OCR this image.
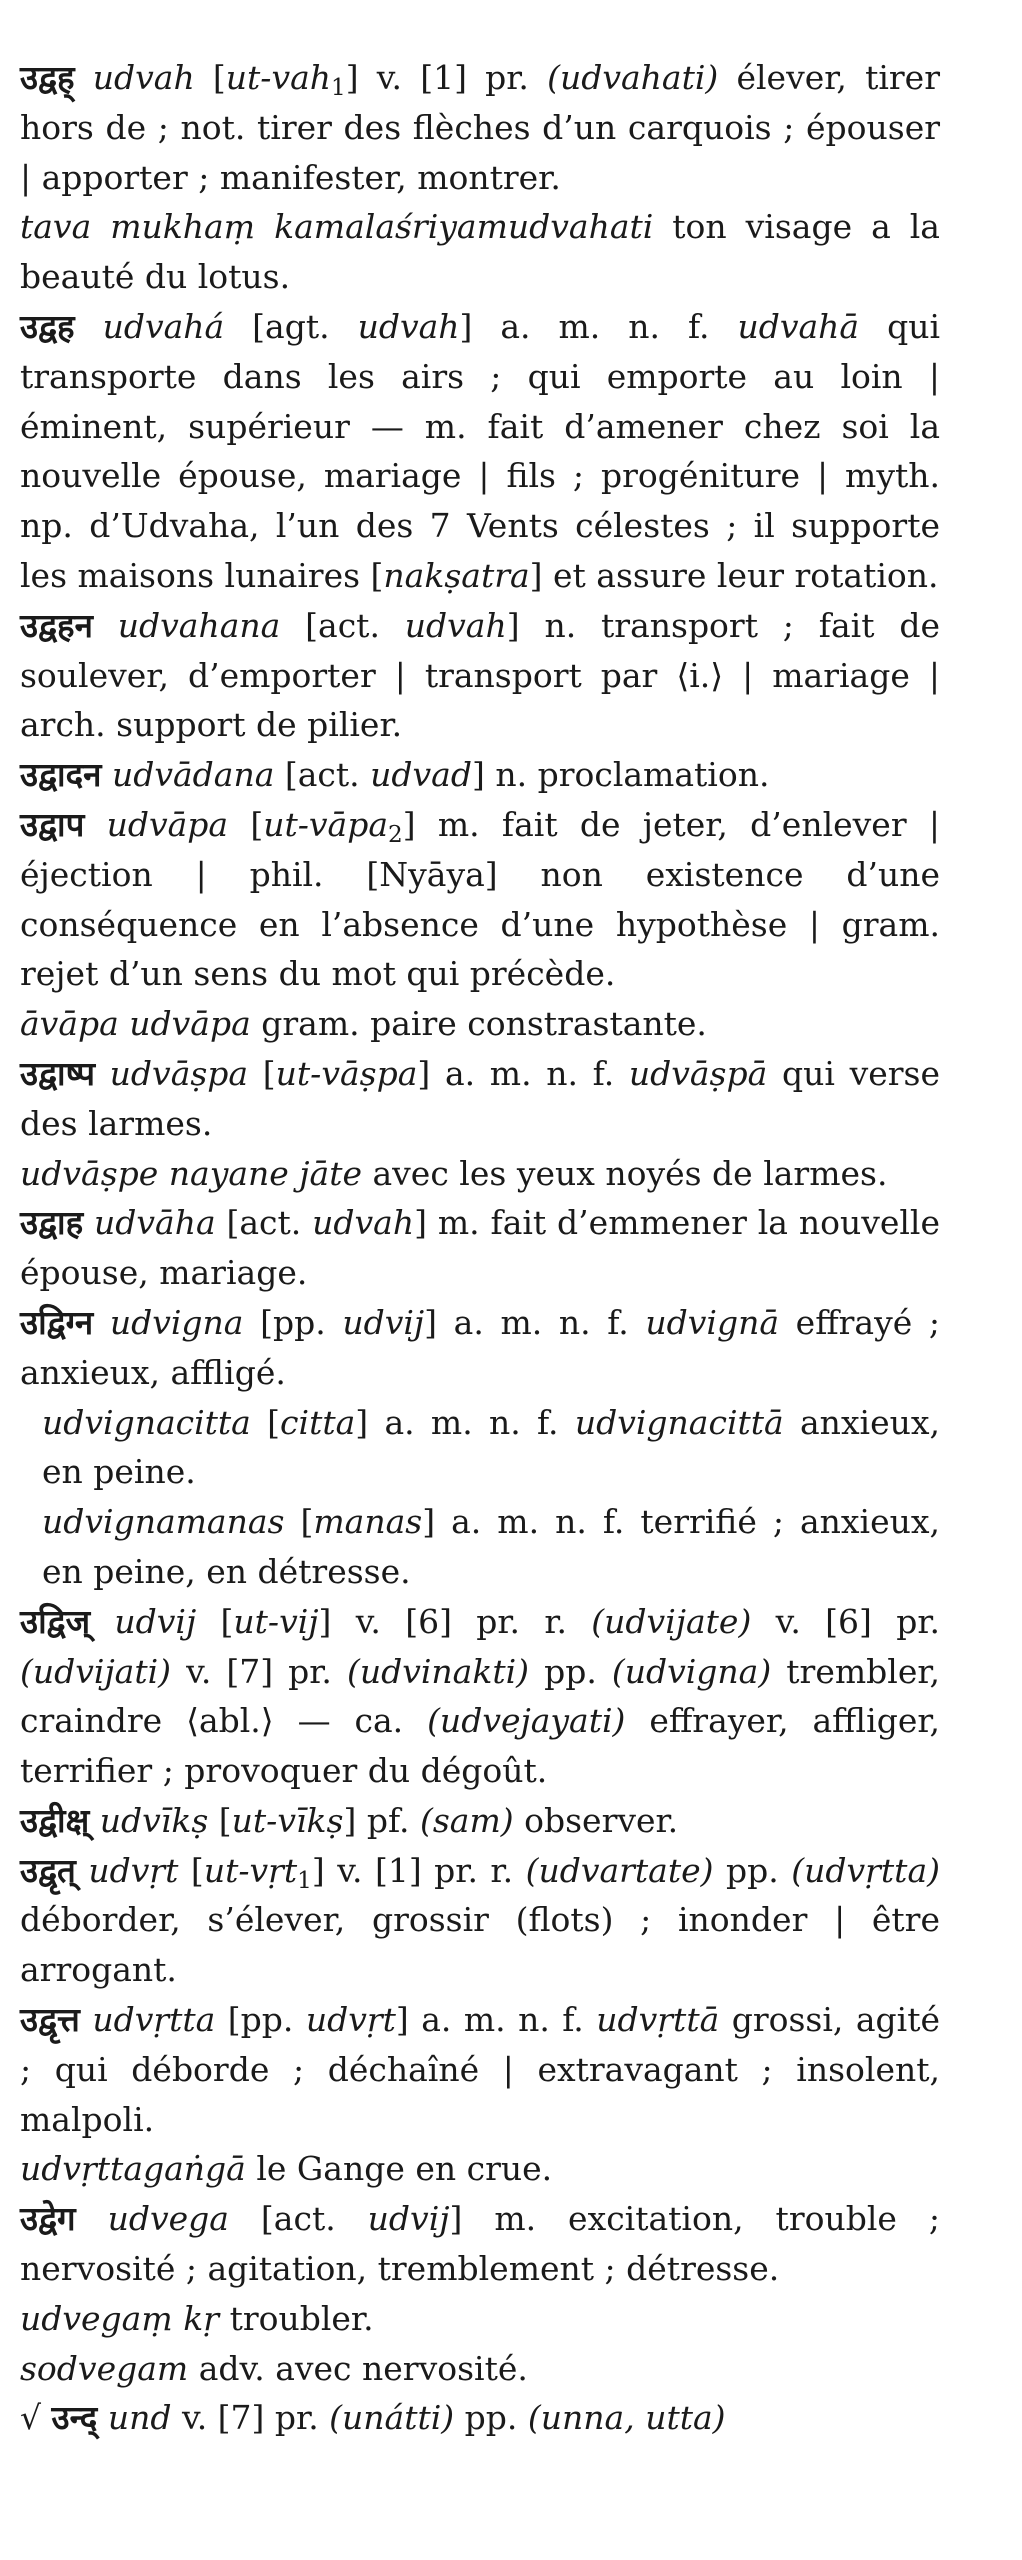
उद्वह् udvah [ut-vah1] v. [1] pr. (udvahati) élever, tirer hors de ; not. tirer des flèches d’un carquois ; épouser | apporter ; manifester, montrer.

tava mukhaṃ kamalaśriyamudvahati ton visage a la beauté du lotus.

उद्वह udvahá [agt. udvah] a. m. n. f. udvahā qui transporte dans les airs ; qui emporte au loin | éminent, supérieur — m. fait d’amener chez soi la nouvelle épouse, mariage | fils ; progéniture | myth. np. d’Udvaha, l’un des 7 Vents célestes ; il supporte les maisons lunaires [nakṣatra] et assure leur rotation.

उद्वहन udvahana [act. udvah] n. transport ; fait de soulever, d’emporter | transport par ⟨i.⟩ | mariage | arch. support de pilier.

उद्वादन udvādana [act. udvad] n. proclamation.

उद्वाप udvāpa [ut-vāpa2] m. fait de jeter, d’enlever | éjection | phil. [Nyāya] non existence d’une conséquence en l’absence d’une hypothèse | gram. rejet d’un sens du mot qui précède.

āvāpa udvāpa gram. paire constrastante.

उद्वाष्प udvāṣpa [ut-vāṣpa] a. m. n. f. udvāṣpā qui verse des larmes.

udvāṣpe nayane jāte avec les yeux noyés de larmes.

उद्वाह udvāha [act. udvah] m. fait d’emmener la nouvelle épouse, mariage.

उद्विग्न udvigna [pp. udvij] a. m. n. f. udvignā effrayé ; anxieux, affligé.

udvignacitta [citta] a. m. n. f. udvignacittā anxieux, en peine.

udvignamanas [manas] a. m. n. f. terrifié ; anxieux, en peine, en détresse.

उद्विज् udvij [ut-vij] v. [6] pr. r. (udvijate) v. [6] pr. (udvijati) v. [7] pr. (udvinakti) pp. (udvigna) trembler, craindre ⟨abl.⟩ — ca. (udvejayati) effrayer, affliger, terrifier ; provoquer du dégoût.

उद्वीक्ष् udvīkṣ [ut-vīkṣ] pf. (sam) observer.

उद्वृत् udvṛt [ut-vṛt1] v. [1] pr. r. (udvartate) pp. (udvṛtta) déborder, s’élever, grossir (flots) ; inonder | être arrogant.

उद्वृत्त udvṛtta [pp. udvṛt] a. m. n. f. udvṛttā grossi, agité ; qui déborde ; déchaîné | extravagant ; insolent, malpoli.

udvṛttagaṅgā le Gange en crue.

उद्वेग udvega [act. udvij] m. excitation, trouble ; nervosité ; agitation, tremblement ; détresse.

udvegaṃ kṛ troubler.

sodvegam adv. avec nervosité.

√ उन्द् und v. [7] pr. (unátti) pp. (unna, utta)
